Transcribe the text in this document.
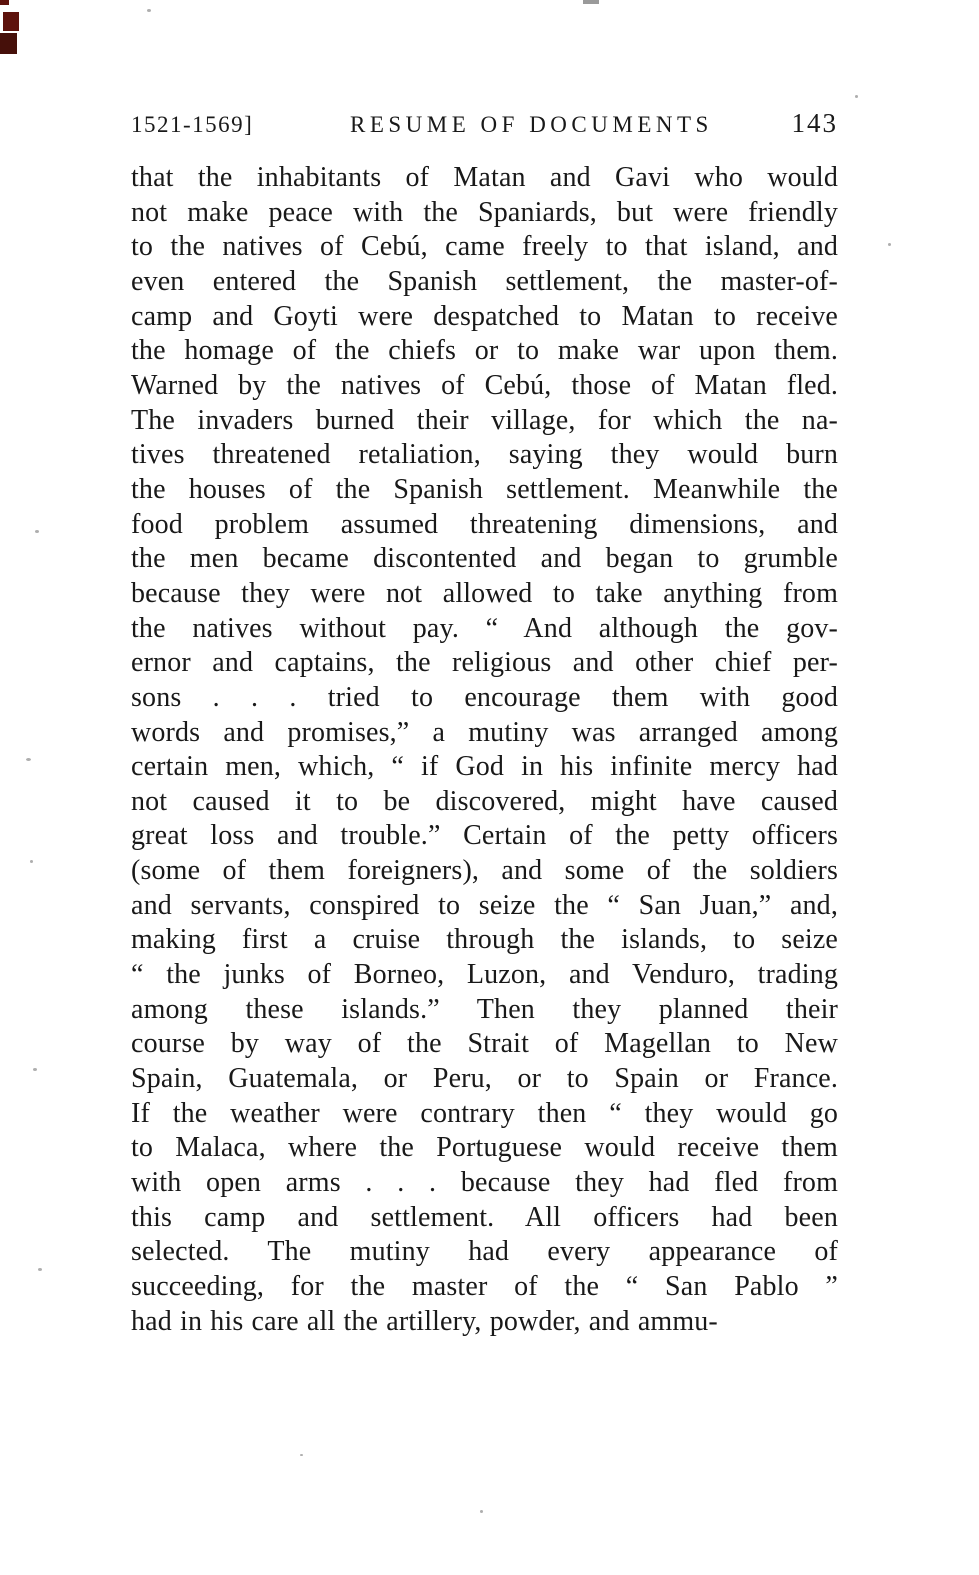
1521-1569]	RESUME OF DOCUMENTS	143
that the inhabitants of Matan and Gavi who would
not make peace with the Spaniards, but were friendly
to the natives of Cebú, came freely to that island, and
even entered the Spanish settlement, the master-of-
camp and Goyti were despatched to Matan to receive
the homage of the chiefs or to make war upon them.
Warned by the natives of Cebú, those of Matan fled.
The invaders burned their village, for which the na-
tives threatened retaliation, saying they would burn
the houses of the Spanish settlement. Meanwhile the
food problem assumed threatening dimensions, and
the men became discontented and began to grumble
because they were not allowed to take anything from
the natives without pay. “ And although the gov-
ernor and captains, the religious and other chief per-
sons . . . tried to encourage them with good
words and promises,” a mutiny was arranged among
certain men, which, “ if God in his infinite mercy had
not caused it to be discovered, might have caused
great loss and trouble.” Certain of the petty officers
(some of them foreigners), and some of the soldiers
and servants, conspired to seize the “ San Juan,” and,
making first a cruise through the islands, to seize
“ the junks of Borneo, Luzon, and Venduro, trading
among these islands.” Then they planned their
course by way of the Strait of Magellan to New
Spain, Guatemala, or Peru, or to Spain or France.
If the weather were contrary then “ they would go
to Malaca, where the Portuguese would receive them
with open arms . . . because they had fled from
this camp and settlement. All officers had been
selected. The mutiny had every appearance of
succeeding, for the master of the “ San Pablo ”
had in his care all the artillery, powder, and ammu-
